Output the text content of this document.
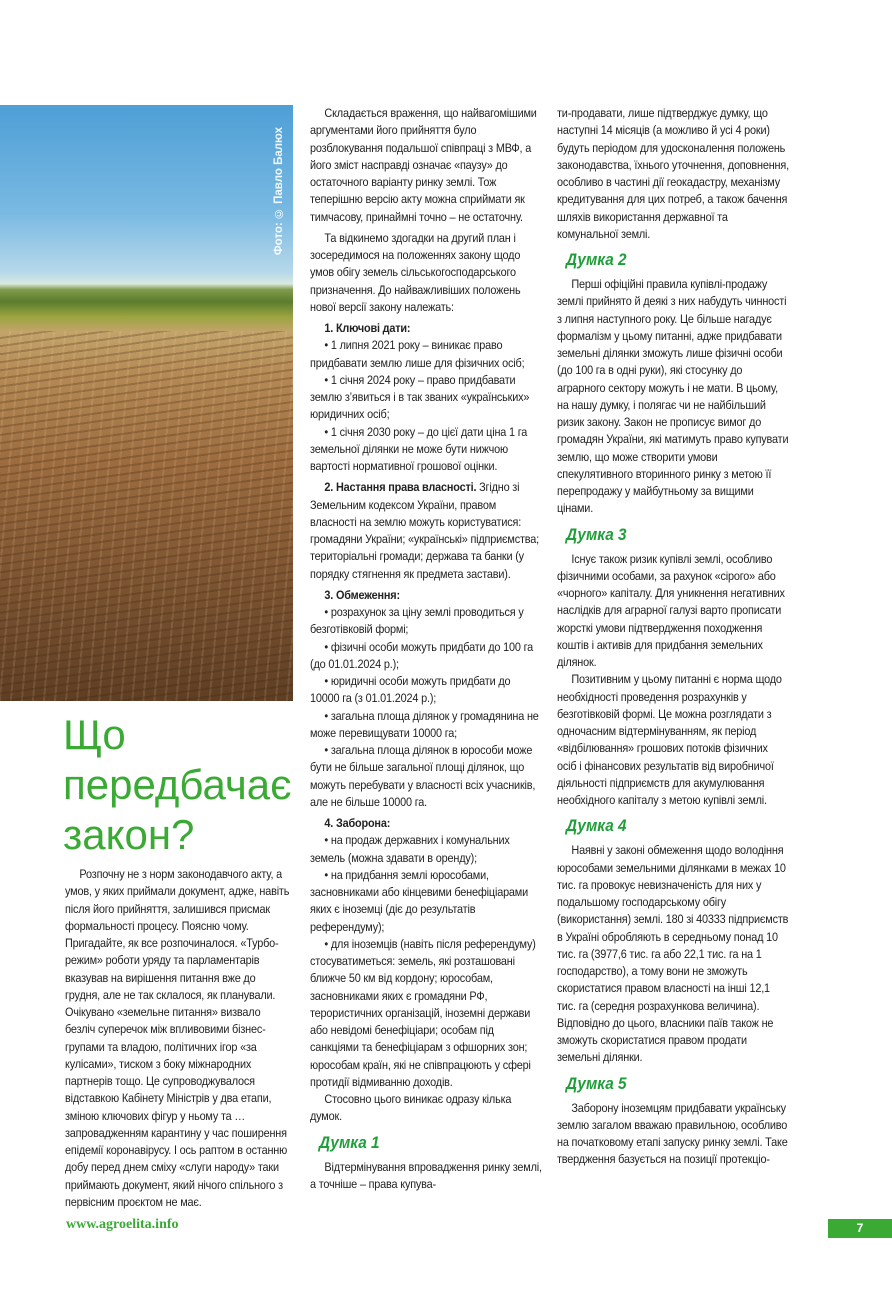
Фото: © Павло Балюх
Що передбачає закон?

Розпочну не з норм законодавчого акту, а умов, у яких приймали документ, адже, навіть після його прийняття, залишився присмак формальності процесу. Поясню чому. Пригадайте, як все розпочиналося. «Турбо-режим» роботи уряду та парламентарів вказував на вирішення питання вже до грудня, але не так склалося, як планували. Очікувано «земельне питання» визвало безліч суперечок між впливовими бізнес-групами та владою, політичних ігор «за кулісами», тиском з боку міжнародних партнерів тощо. Це супроводжувалося відставкою Кабінету Міністрів у два етапи, зміною ключових фігур у ньому та … запровадженням карантину у час поширення епідемії коронавірусу. І ось раптом в останню добу перед днем сміху «слуги народу» таки приймають документ, який нічого спільного з первісним проєктом не має.

Складається враження, що найвагомішими аргументами його прийняття було розблокування подальшої співпраці з МВФ, а його зміст насправді означає «паузу» до остаточного варіанту ринку землі. Тож теперішню версію акту можна сприймати як тимчасову, принаймні точно – не остаточну.

Та відкинемо здогадки на другий план і зосередимося на положеннях закону щодо умов обігу земель сільськогосподарського призначення. До найважливіших положень нової версії закону належать:

1. Ключові дати:

• 1 липня 2021 року – виникає право придбавати землю лише для фізичних осіб;

• 1 січня 2024 року – право придбавати землю з’явиться і в так званих «українських» юридичних осіб;

• 1 січня 2030 року – до цієї дати ціна 1 га земельної ділянки не може бути нижчою вартості нормативної грошової оцінки.

2. Настання права власності. Згідно зі Земельним кодексом України, правом власності на землю можуть користуватися: громадяни України; «українські» підприємства; територіальні громади; держава та банки (у порядку стягнення як предмета застави).

3. Обмеження:

• розрахунок за ціну землі проводиться у безготівковій формі;

• фізичні особи можуть придбати до 100 га (до 01.01.2024 р.);

• юридичні особи можуть придбати до 10000 га (з 01.01.2024 р.);

• загальна площа ділянок у громадянина не може перевищувати 10000 га;

• загальна площа ділянок в юрособи може бути не більше загальної площі ділянок, що можуть перебувати у власності всіх учасників, але не більше 10000 га.

4. Заборона:

• на продаж державних і комунальних земель (можна здавати в оренду);

• на придбання землі юрособами, засновниками або кінцевими бенефіціарами яких є іноземці (діє до результатів референдуму);

• для іноземців (навіть після референдуму) стосуватиметься: земель, які розташовані ближче 50 км від кордону; юрособам, засновниками яких є громадяни РФ, терористичних організацій, іноземні держави або невідомі бенефіціари; особам під санкціями та бенефіціарам з офшорних зон; юрособам країн, які не співпрацюють у сфері протидії відмиванню доходів.

Стосовно цього виникає одразу кілька думок.

Думка 1

Відтермінування впровадження ринку землі, а точніше – права купува-

ти-продавати, лише підтверджує думку, що наступні 14 місяців (а можливо й усі 4 роки) будуть періодом для удосконалення положень законодавства, їхнього уточнення, доповнення, особливо в частині дії геокадастру, механізму кредитування для цих потреб, а також бачення шляхів використання державної та комунальної землі.

Думка 2

Перші офіційні правила купівлі-продажу землі прийнято й деякі з них набудуть чинності з липня наступного року. Це більше нагадує формалізм у цьому питанні, адже придбавати земельні ділянки зможуть лише фізичні особи (до 100 га в одні руки), які стосунку до аграрного сектору можуть і не мати. В цьому, на нашу думку, і полягає чи не найбільший ризик закону. Закон не прописує вимог до громадян України, які матимуть право купувати землю, що може створити умови спекулятивного вторинного ринку з метою її перепродажу у майбутньому за вищими цінами.

Думка 3

Існує також ризик купівлі землі, особливо фізичними особами, за рахунок «сірого» або «чорного» капіталу. Для уникнення негативних наслідків для аграрної галузі варто прописати жорсткі умови підтвердження походження коштів і активів для придбання земельних ділянок.

Позитивним у цьому питанні є норма щодо необхідності проведення розрахунків у безготівковій формі. Це можна розглядати з одночасним відтермінуванням, як період «відбілювання» грошових потоків фізичних осіб і фінансових результатів від виробничої діяльності підприємств для акумулювання необхідного капіталу з метою купівлі землі.

Думка 4

Наявні у законі обмеження щодо володіння юрособами земельними ділянками в межах 10 тис. га провокує невизначеність для них у подальшому господарському обігу (використання) землі. 180 зі 40333 підприємств в Україні обробляють в середньому понад 10 тис. га (3977,6 тис. га або 22,1 тис. га на 1 господарство), а тому вони не зможуть скористатися правом власності на інші 12,1 тис. га (середня розрахункова величина). Відповідно до цього, власники паїв також не зможуть скористатися правом продати земельні ділянки.

Думка 5

Заборону іноземцям придбавати українську землю загалом вважаю правильною, особливо на початковому етапі запуску ринку землі. Таке твердження базується на позиції протекціо-

www.agroelita.info	7
